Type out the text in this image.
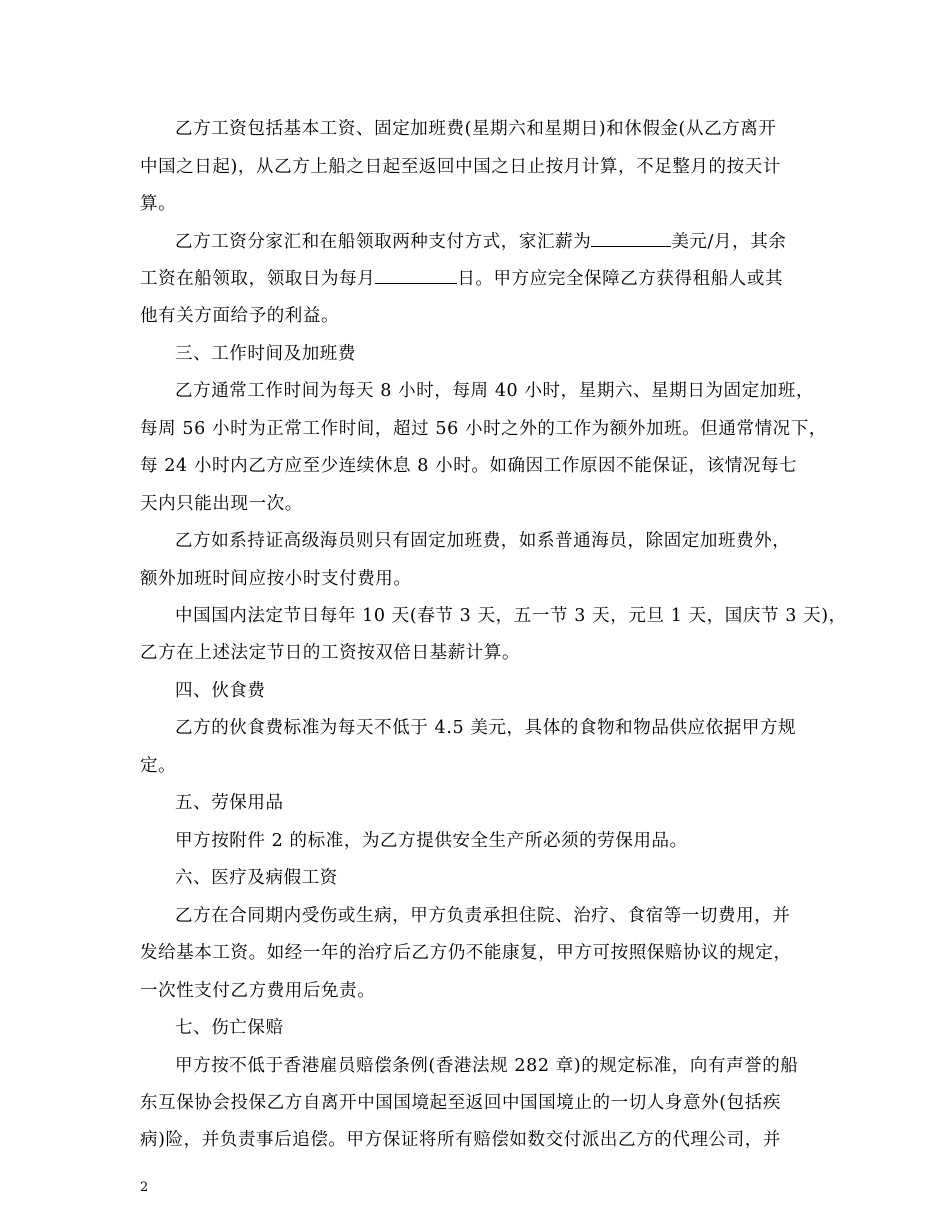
乙方工资包括基本工资、固定加班费(星期六和星期日)和休假金(从乙方离开
中国之日起)，从乙方上船之日起至返回中国之日止按月计算，不足整月的按天计
算。
乙方工资分家汇和在船领取两种支付方式，家汇薪为	美元/月，其余
工资在船领取，领取日为每月	日。甲方应完全保障乙方获得租船人或其
他有关方面给予的利益。
三、工作时间及加班费
乙方通常工作时间为每天 8 小时，每周 40 小时，星期六、星期日为固定加班，
每周 56 小时为正常工作时间，超过 56 小时之外的工作为额外加班。但通常情况下，
每 24 小时内乙方应至少连续休息 8 小时。如确因工作原因不能保证，该情况每七
天内只能出现一次。
乙方如系持证高级海员则只有固定加班费，如系普通海员，除固定加班费外，
额外加班时间应按小时支付费用。
中国国内法定节日每年 10 天(春节 3 天，五一节 3 天，元旦 1 天，国庆节 3 天)，
乙方在上述法定节日的工资按双倍日基薪计算。
四、伙食费
乙方的伙食费标准为每天不低于 4.5 美元，具体的食物和物品供应依据甲方规
定。
五、劳保用品
甲方按附件 2 的标准，为乙方提供安全生产所必须的劳保用品。
六、医疗及病假工资
乙方在合同期内受伤或生病，甲方负责承担住院、治疗、食宿等一切费用，并
发给基本工资。如经一年的治疗后乙方仍不能康复，甲方可按照保赔协议的规定，
一次性支付乙方费用后免责。
七、伤亡保赔
甲方按不低于香港雇员赔偿条例(香港法规 282 章)的规定标准，向有声誉的船
东互保协会投保乙方自离开中国国境起至返回中国国境止的一切人身意外(包括疾
病)险，并负责事后追偿。甲方保证将所有赔偿如数交付派出乙方的代理公司，并
2
